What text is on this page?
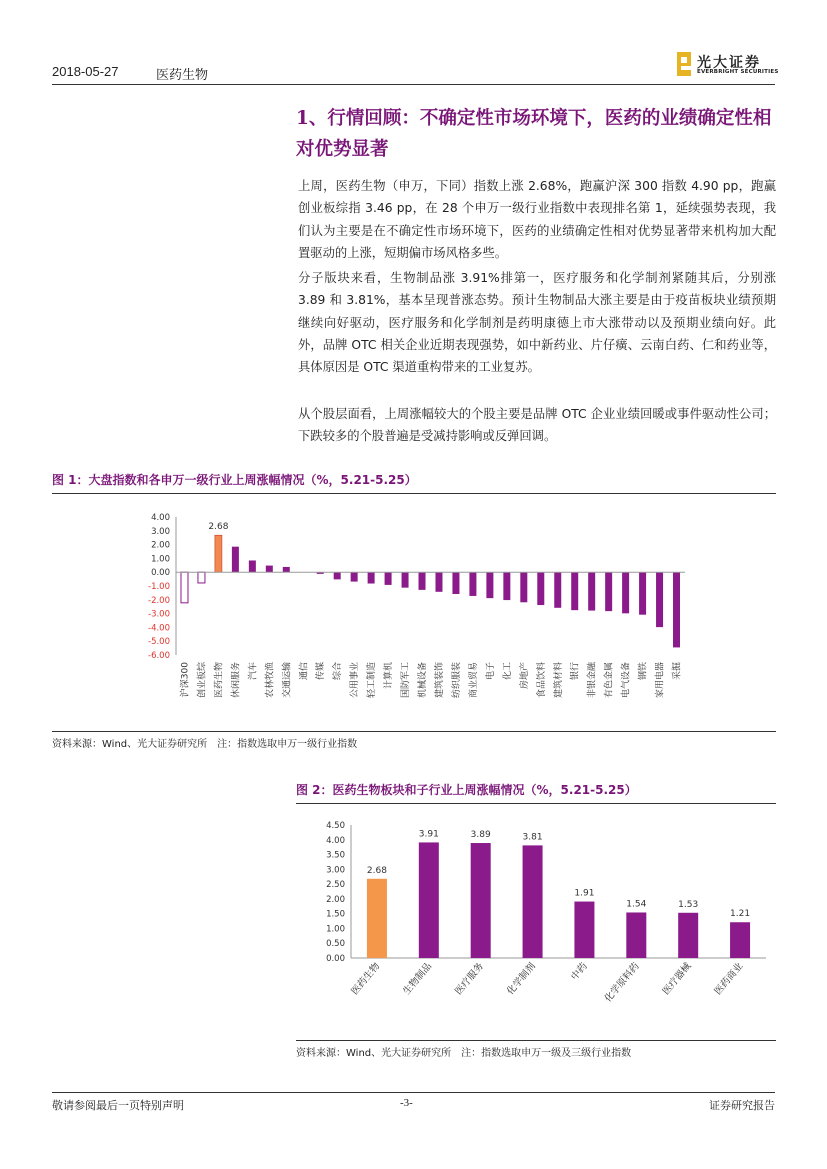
2018-05-27	医药生物
光大证券
EVERBRIGHT SECURITIES
1、行情回顾：不确定性市场环境下，医药的业绩确定性相对优势显著
上周，医药生物（申万，下同）指数上涨 2.68%，跑赢沪深 300 指数 4.90 pp，跑赢创业板综指 3.46 pp，在 28 个申万一级行业指数中表现排名第 1，延续强势表现，我们认为主要是在不确定性市场环境下，医药的业绩确定性相对优势显著带来机构加大配置驱动的上涨，短期偏市场风格多些。
分子版块来看，生物制品涨 3.91%排第一，医疗服务和化学制剂紧随其后，分别涨 3.89 和 3.81%，基本呈现普涨态势。预计生物制品大涨主要是由于疫苗板块业绩预期继续向好驱动，医疗服务和化学制剂是药明康德上市大涨带动以及预期业绩向好。此外，品牌 OTC 相关企业近期表现强势，如中新药业、片仔癀、云南白药、仁和药业等，具体原因是 OTC 渠道重构带来的工业复苏。
从个股层面看，上周涨幅较大的个股主要是品牌 OTC 企业业绩回暖或事件驱动性公司；下跌较多的个股普遍是受减持影响或反弹回调。
图 1：大盘指数和各申万一级行业上周涨幅情况（%，5.21-5.25）
4.00
3.00
2.00
1.00
0.00
-1.00
-2.00
-3.00
-4.00
-5.00
-6.00
沪深300 创业板综 医药生物 休闲服务 汽车 农林牧渔 交通运输 通信 传媒 综合 公用事业 轻工制造 计算机 国防军工 机械设备 建筑装饰 纺织服装 商业贸易 电子 化工 房地产 食品饮料 建筑材料 银行 非银金融 有色金属 电气设备 钢铁 家用电器 采掘
2.68
资料来源：Wind、光大证券研究所　注：指数选取申万一级行业指数
图 2：医药生物板块和子行业上周涨幅情况（%，5.21-5.25）
4.50
4.00
3.50
3.00
2.50
2.00
1.50
1.00
0.50
0.00
2.68
医药生物
3.91
生物制品
3.89
医疗服务
3.81
化学制剂
1.91
中药
1.54
化学原料药
1.53
医疗器械
1.21
医药商业
资料来源：Wind、光大证券研究所　注：指数选取申万一级及三级行业指数
敬请参阅最后一页特别声明	-3-	证券研究报告
